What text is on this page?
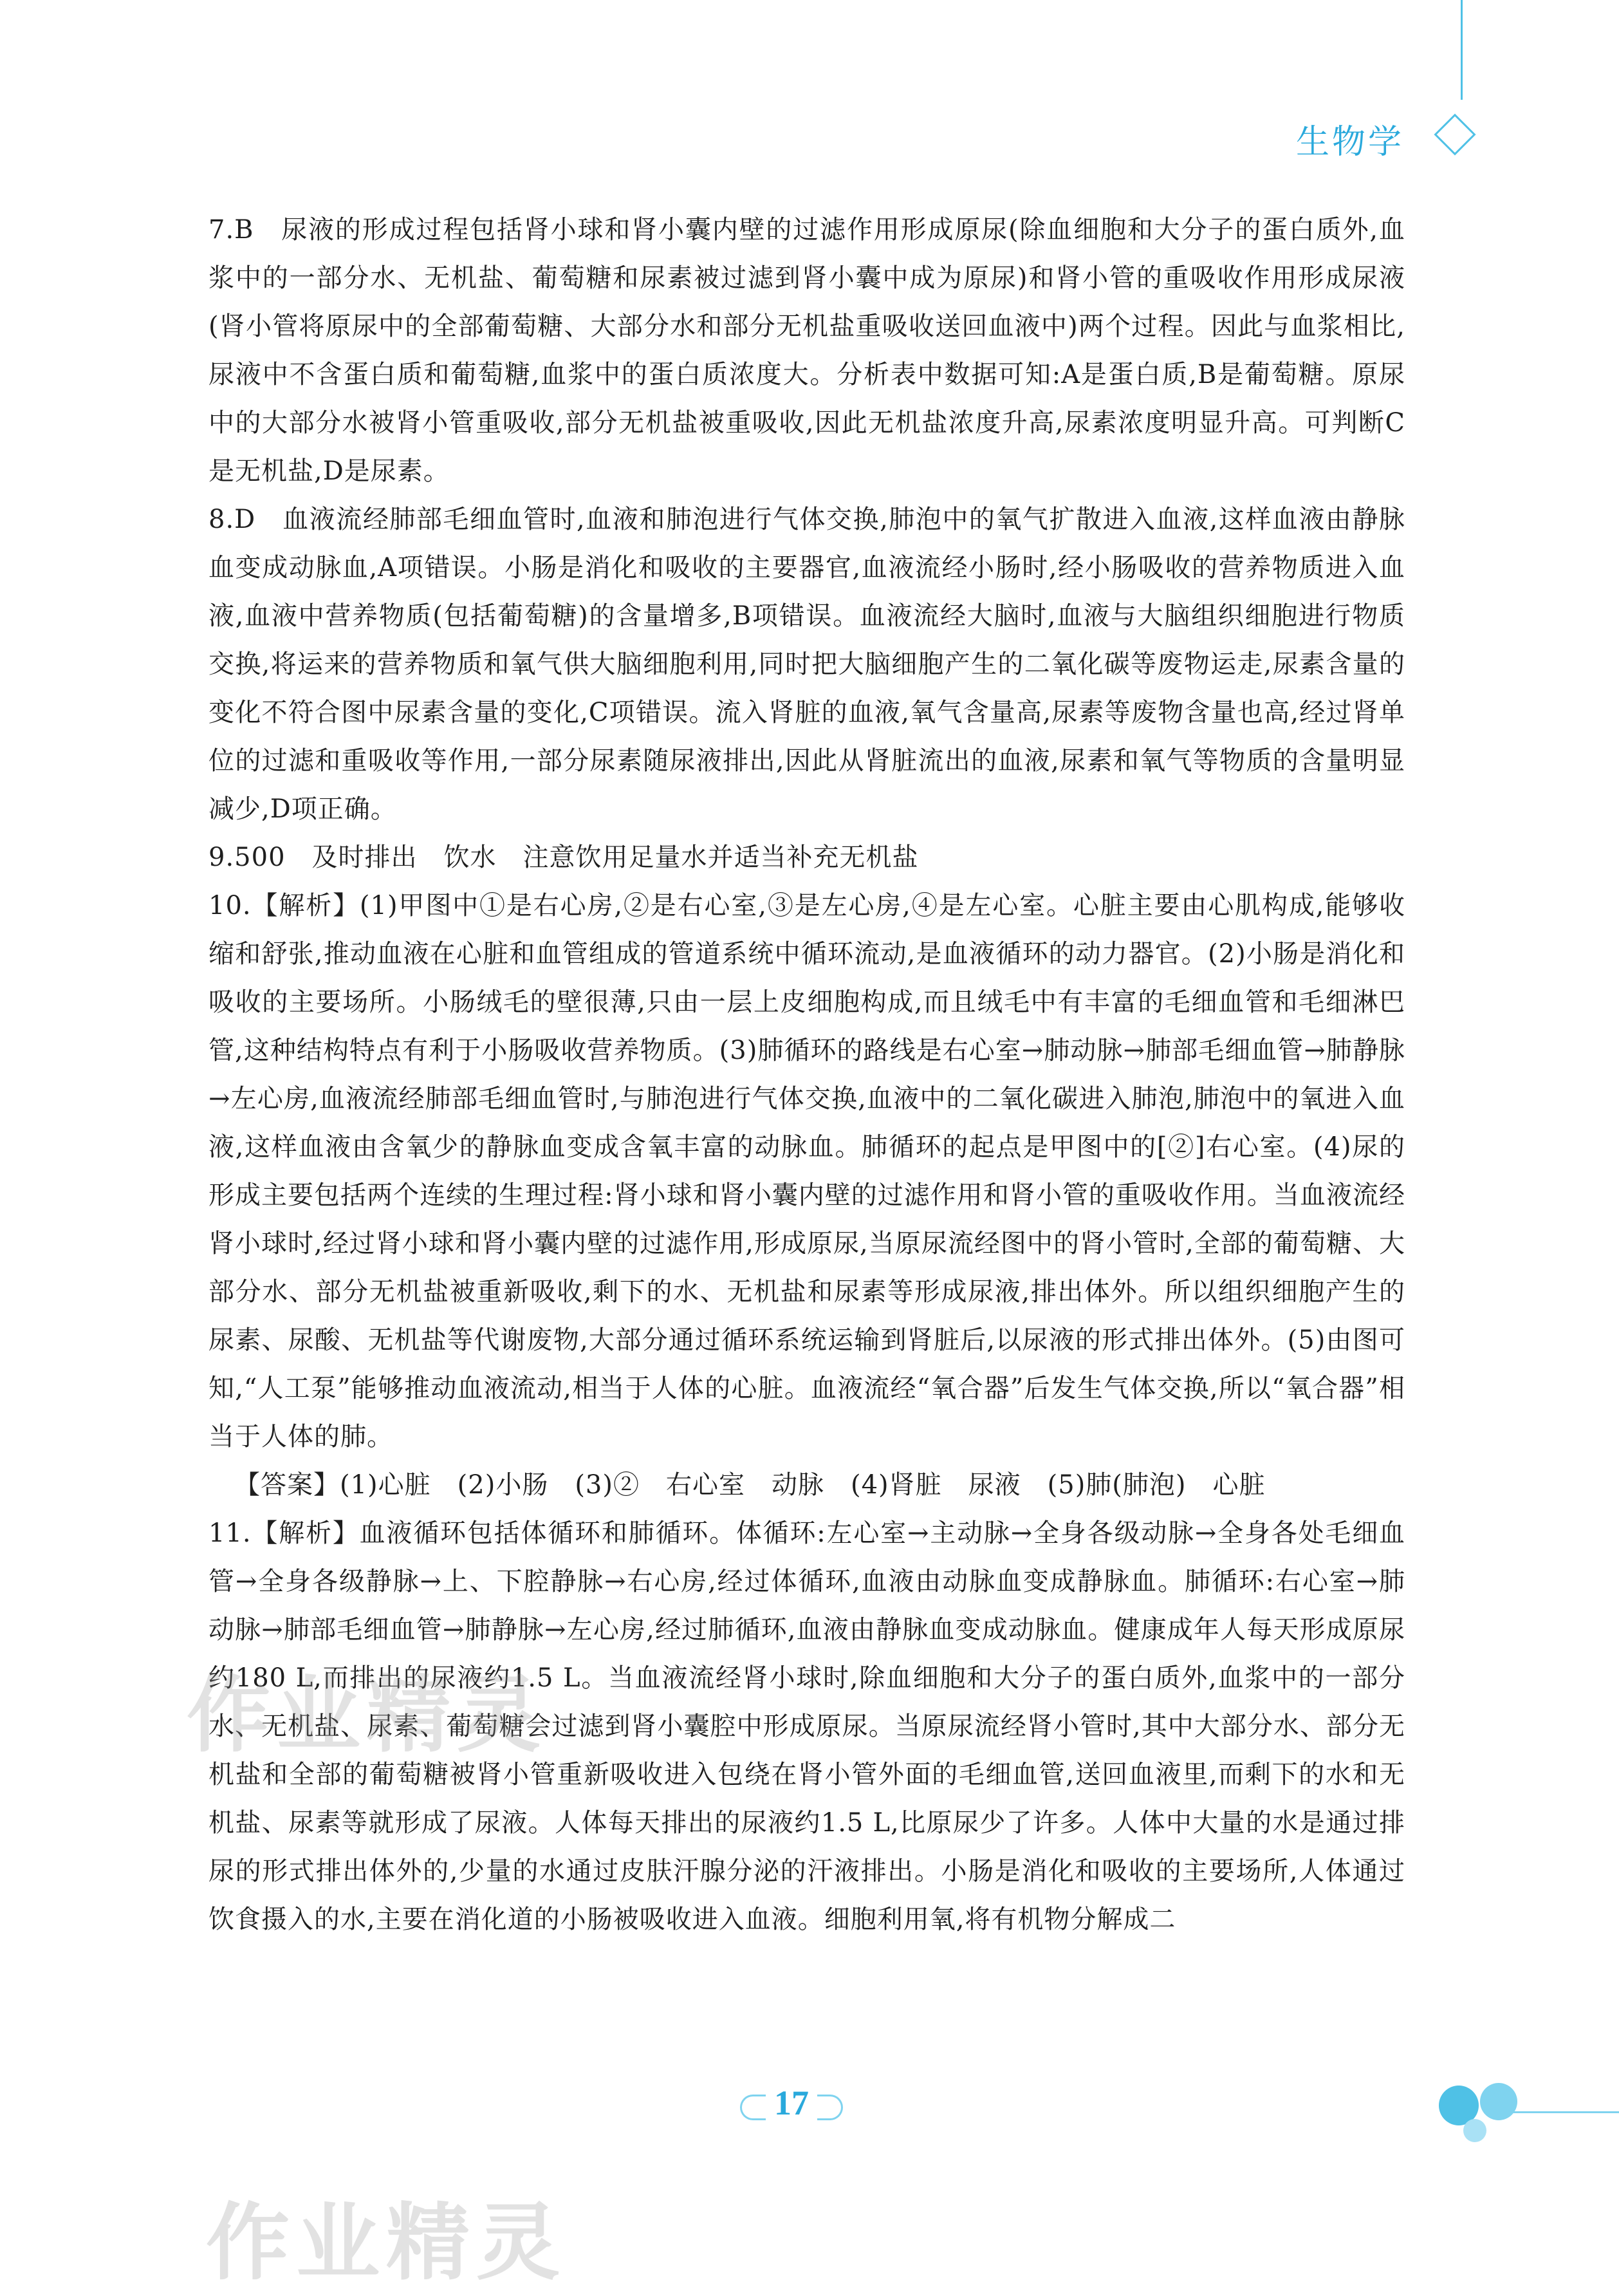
生物学

7.B　尿液的形成过程包括肾小球和肾小囊内壁的过滤作用形成原尿(除血细胞和大分子的蛋白质外,血浆中的一部分水、无机盐、葡萄糖和尿素被过滤到肾小囊中成为原尿)和肾小管的重吸收作用形成尿液(肾小管将原尿中的全部葡萄糖、大部分水和部分无机盐重吸收送回血液中)两个过程。因此与血浆相比,尿液中不含蛋白质和葡萄糖,血浆中的蛋白质浓度大。分析表中数据可知:A是蛋白质,B是葡萄糖。原尿中的大部分水被肾小管重吸收,部分无机盐被重吸收,因此无机盐浓度升高,尿素浓度明显升高。可判断C是无机盐,D是尿素。

8.D　血液流经肺部毛细血管时,血液和肺泡进行气体交换,肺泡中的氧气扩散进入血液,这样血液由静脉血变成动脉血,A项错误。小肠是消化和吸收的主要器官,血液流经小肠时,经小肠吸收的营养物质进入血液,血液中营养物质(包括葡萄糖)的含量增多,B项错误。血液流经大脑时,血液与大脑组织细胞进行物质交换,将运来的营养物质和氧气供大脑细胞利用,同时把大脑细胞产生的二氧化碳等废物运走,尿素含量的变化不符合图中尿素含量的变化,C项错误。流入肾脏的血液,氧气含量高,尿素等废物含量也高,经过肾单位的过滤和重吸收等作用,一部分尿素随尿液排出,因此从肾脏流出的血液,尿素和氧气等物质的含量明显减少,D项正确。

9.500　及时排出　饮水　注意饮用足量水并适当补充无机盐

10.【解析】(1)甲图中①是右心房,②是右心室,③是左心房,④是左心室。心脏主要由心肌构成,能够收缩和舒张,推动血液在心脏和血管组成的管道系统中循环流动,是血液循环的动力器官。(2)小肠是消化和吸收的主要场所。小肠绒毛的壁很薄,只由一层上皮细胞构成,而且绒毛中有丰富的毛细血管和毛细淋巴管,这种结构特点有利于小肠吸收营养物质。(3)肺循环的路线是右心室→肺动脉→肺部毛细血管→肺静脉→左心房,血液流经肺部毛细血管时,与肺泡进行气体交换,血液中的二氧化碳进入肺泡,肺泡中的氧进入血液,这样血液由含氧少的静脉血变成含氧丰富的动脉血。肺循环的起点是甲图中的[②]右心室。(4)尿的形成主要包括两个连续的生理过程:肾小球和肾小囊内壁的过滤作用和肾小管的重吸收作用。当血液流经肾小球时,经过肾小球和肾小囊内壁的过滤作用,形成原尿,当原尿流经图中的肾小管时,全部的葡萄糖、大部分水、部分无机盐被重新吸收,剩下的水、无机盐和尿素等形成尿液,排出体外。所以组织细胞产生的尿素、尿酸、无机盐等代谢废物,大部分通过循环系统运输到肾脏后,以尿液的形式排出体外。(5)由图可知,“人工泵”能够推动血液流动,相当于人体的心脏。血液流经“氧合器”后发生气体交换,所以“氧合器”相当于人体的肺。

【答案】(1)心脏　(2)小肠　(3)②　右心室　动脉　(4)肾脏　尿液　(5)肺(肺泡)　心脏

11.【解析】血液循环包括体循环和肺循环。体循环:左心室→主动脉→全身各级动脉→全身各处毛细血管→全身各级静脉→上、下腔静脉→右心房,经过体循环,血液由动脉血变成静脉血。肺循环:右心室→肺动脉→肺部毛细血管→肺静脉→左心房,经过肺循环,血液由静脉血变成动脉血。健康成年人每天形成原尿约180 L,而排出的尿液约1.5 L。当血液流经肾小球时,除血细胞和大分子的蛋白质外,血浆中的一部分水、无机盐、尿素、葡萄糖会过滤到肾小囊腔中形成原尿。当原尿流经肾小管时,其中大部分水、部分无机盐和全部的葡萄糖被肾小管重新吸收进入包绕在肾小管外面的毛细血管,送回血液里,而剩下的水和无机盐、尿素等就形成了尿液。人体每天排出的尿液约1.5 L,比原尿少了许多。人体中大量的水是通过排尿的形式排出体外的,少量的水通过皮肤汗腺分泌的汗液排出。小肠是消化和吸收的主要场所,人体通过饮食摄入的水,主要在消化道的小肠被吸收进入血液。细胞利用氧,将有机物分解成二

作业精灵
作业精灵
17
